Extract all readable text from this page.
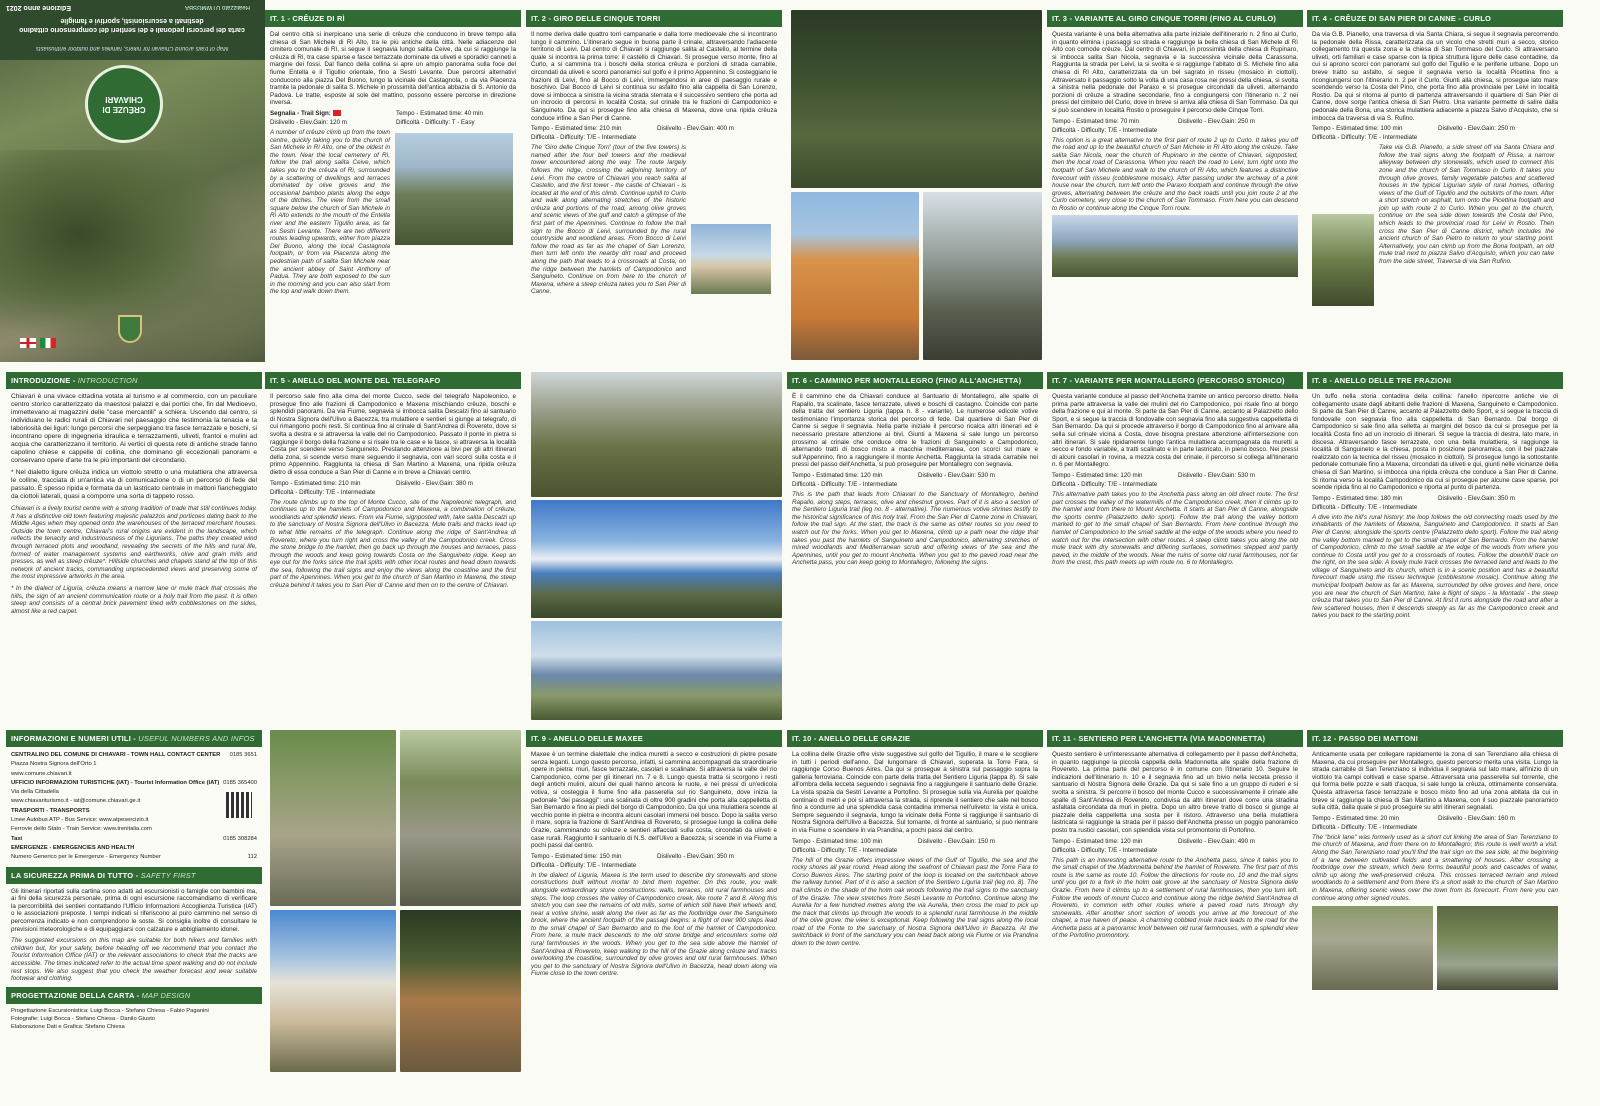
Edizione anno 2021	Realizzato UTWMGSBA
carta dei percorsi pedonali e dei sentieri del comprensorio cittadino destinati a escursionisti, sportivi e famiglie
Map of trails around Chiavari for hikers, families and outdoor enthusiasts
CRÊUZE DI CHIAVARI
IT. 1 - CRÊUZE DI RÌ
Dal centro città si inerpicano una serie di crêuze che conducono in breve tempo alla chiesa di San Michele di Rì Alto, tra le più antiche della città. Nelle adiacenze del cimitero comunale di Rì, si segue il segnavia lungo salita Ceive, da cui si raggiunge la crêuza di Rì, tra case sparse e fasce terrazzate dominate da uliveti e sporadici canneti a margine dei fossi. Dal fianco della collina si apre un ampio panorama sulla foce del fiume Entella e il Tigullio orientale, fino a Sestri Levante. Due percorsi alternativi conducono alla piazza Del Buono, lungo la vicinale dei Castagnola, o da via Piacenza tramite la pedonale di salita S. Michele in prossimità dell'antica abbazia di S. Antonio da Padova. Le tratte, esposte al sole del mattino, possono essere percorse in direzione inversa.
Segnalia - Trail Sign:	Tempo - Estimated time: 40 min
Dislivello - Elev.Gain: 120 m	Difficoltà - Difficulty: T - Easy
A number of crêuze climb up from the town centre, quickly taking you to the church of San Michele in Rì Alto, one of the oldest in the town. Near the local cemetery of Rì, follow the trail along salita Ceive, which takes you to the crêuza of Rì, surrounded by a scattering of dwellings and terraces dominated by olive groves and the occasional bamboo plants along the edge of the ditches. The view from the small square below the church of San Michele in Rì Alto extends to the mouth of the Entella river and the eastern Tigullio area, as far as Sestri Levante. There are two different routes leading upwards, either from piazza Del Buono, along the local Castagnola footpath, or from via Piacenza along the pedestrian path of salita San Michele near the ancient abbey of Saint Anthony of Padua. They are both exposed to the sun in the morning and you can also start from the top and walk down them.
IT. 2 - GIRO DELLE CINQUE TORRI
Il nome deriva dalle quattro torri campanarie e dalla torre medioevale che si incontrano lungo il cammino. L'itinerario segue in buona parte il crinale, attraversando l'adiacente territorio di Leivi. Dal centro di Chiavari si raggiunge salita al Castello, al termine della quale si incontra la prima torre: il castello di Chiavari. Si prosegue verso monte, fino al Curlo, a si cammina tra i boschi della storica crêuza e porzioni di strada carrabile, circondati da uliveti e scorci panoramici sul golfo e il primo Appennino. Si costeggiano le frazioni di Leivi, fino al Bocco di Leivi, immergendosi in aree di paesaggio rurale e boschivo. Dal Bocco di Leivi si continua su asfalto fino alla cappella di San Lorenzo, dove si imbocca a sinistra la vicina strada sterrata e il successivo sentiero che porta ad un incrocio di percorsi in località Costa, sul crinale tra le frazioni di Campodonico e Sanguineto. Da qui si prosegue fino alla chiesa di Maxena, dove una ripida crêuza conduce infine a San Pier di Canne.
Tempo - Estimated time: 210 min	Dislivello - Elev.Gain: 400 m
Difficoltà - Difficulty: T/E - Intermediate
The 'Giro delle Cinque Torri' (tour of the five towers) is named after the four bell towers and the medieval tower encountered along the way. The route largely follows the ridge, crossing the adjoining territory of Leivi. From the centre of Chiavari you reach salita al Castello, and the first tower - the castle of Chiavari - is located at the end of this climb. Continue uphill to Curlo and walk along alternating stretches of the historic crêuza and portions of the road, among olive groves and scenic views of the gulf and catch a glimpse of the first part of the Apennines. Continue to follow the trail sign to the Bocco di Leivi, surrounded by the rural countryside and woodland areas. From Bocco di Leivi follow the road as far as the chapel of San Lorenzo, then turn left onto the nearby dirt road and proceed along the path that leads to a crossroads at Costa, on the ridge between the hamlets of Campodonico and Sanguineto. Continue on from here to the church of Maxena, where a steep crêuza takes you to San Pier di Canne.
IT. 3 - VARIANTE AL GIRO CINQUE TORRI (FINO AL CURLO)
Questa variante è una bella alternativa alla parte iniziale dell'itinerario n. 2 fino al Curlo, in quanto elimina i passaggi su strada e raggiunge la bella chiesa di San Michele di Rì Alto con comode crêuze. Dal centro di Chiavari, in prossimità della chiesa di Rupinaro, si imbocca salita San Nicola, segnavia e la successiva vicinale della Carassona. Raggiunta la strada per Leivi, la si svolta e si raggiunge l'abitato di S. Michele fino alla chiesa di Rì Alto, caratterizzata da un bel sagrato in risseu (mosaico in ciottoli). Attraversato il passaggio sotto la volta di una casa rosa nei pressi della chiesa, si svolta a sinistra nella pedonale del Paraxo e si prosegue circondati da uliveti, alternando porzioni di crêuze a stradine secondarie, fino a congiungersi con l'itinerario n. 2 nei pressi del cimitero del Curlo, dove in breve si arriva alla chiesa di San Tommaso. Da qui si può scendere in località Rostio o proseguire il percorso delle Cinque Torri.
Tempo - Estimated time: 70 min	Dislivello - Elev.Gain: 250 m
Difficoltà - Difficulty: T/E - Intermediate
This option is a great alternative to the first part of route 2 up to Curlo. It takes you off the road and up to the beautiful church of San Michele in Rì Alto along the crêuze. Take salita San Nicola, near the church of Rupinaro in the centre of Chiavari, signposted, then the local road of Carassona. When you reach the road to Leivi, turn right onto the footpath of San Michele and walk to the church of Rì Alto, which features a distinctive forecourt with risseu (cobblestone mosaic). After passing under the archway of a pink house near the church, turn left onto the Paraxo footpath and continue through the olive groves, alternating between the crêuze and the back roads until you join route 2 at the Curlo cemetery, very close to the church of San Tommaso. From here you can descend to Rostio or continue along the Cinque Torri route.
IT. 4 - CRÊUZE DI SAN PIER DI CANNE - CURLO
Da via G.B. Pianello, una traversa di via Santa Chiara, si segue il segnavia percorrendo la pedonale della Rissa, caratterizzata da un vicolo che stretti muri a secco, storico collegamento tra questa zona e la chiesa di San Tommaso del Curlo. Si attraversano uliveti, orti familiari e case sparse con la tipica struttura ligure delle case contadine, da cui si aprono scorci con panorami sul golfo del Tigullio e le periferie urbane. Dopo un breve tratto su asfalto, si segue il segnavia verso la località Picettina fino a ricongiungersi con l'itinerario n. 2 per il Curlo. Giunti alla chiesa, si prosegue lato mare scendendo verso la Costa del Pino, che porta fino alla provinciale per Leivi in località Rostio. Da qui si ritorna al punto di partenza attraversando il quartiere di San Pier di Canne, dove sorge l'antica chiesa di San Pietro. Una variante permette di salire dalla pedonale della Bona, una storica mulattiera adiacente a piazza Salvo d'Acquisto, che si imbocca da traversa di via S. Rufino.
Tempo - Estimated time: 100 min	Dislivello - Elev.Gain: 250 m
Difficoltà - Difficulty: T/E - Intermediate
Take via G.B. Pianello, a side street off via Santa Chiara and follow the trail signs along the footpath of Rissa, a narrow alleyway between dry stonewalls, which used to connect this zone and the church of San Tommaso in Curlo. It takes you through olive groves, family vegetable patches and scattered houses in the typical Ligurian style of rural homes, offering views of the Gulf of Tigullio and the outskirts of the town. After a short stretch on asphalt, turn onto the Picettina footpath and join up with route 2 to Curlo. When you get to the church, continue on the sea side down towards the Costa del Pino, which leads to the provincial road for Leivi in Rostio. Then cross the San Pier di Canne district, which includes the ancient church of San Pietro to return to your starting point. Alternatively, you can climb up from the Bona footpath, an old mule trail next to piazza Salvo d'Acquisto, which you can take from the side street, Traversa di via San Rufino.
INTRODUZIONE - INTRODUCTION
Chiavari è una vivace cittadina votata al turismo e al commercio, con un peculiare centro storico caratterizzato da maestosi palazzi e dai portici che, fin dal Medioevo, immettevano ai magazzini delle "case mercantili" a schiera. Uscendo dal centro, si individuano le radici rurali di Chiavari nel paesaggio che testimonia la tenacia e la laboriosità dei liguri: lungo percorsi che serpeggiano tra fasce terrazzate e boschi, si incontrano opere di ingegneria idraulica e terrazzamenti, uliveti, frantoi e mulini ad acqua che caratterizzano il territorio. Ai vertici di questa rete di antiche strade fanno capolino chiese e cappelle di collina, che dominano gli eccezionali panorami e conservano opere d'arte tra le più importanti del circondario.
* Nel dialetto ligure crêuza indica un viottolo stretto o una mulattiera che attraversa le colline, tracciata di un'antica via di comunicazione o di un percorso di fede del passato. È spesso ripida e formata da un lastricato centrale in mattoni fiancheggiato da ciottoli laterali, quasi a comporre una sorta di tappeto rosso.
Chiavari is a lively tourist centre with a strong tradition of trade that still continues today. It has a distinctive old town featuring majestic palazzos and porticoes dating back to the Middle Ages when they opened onto the warehouses of the terraced merchant houses. Outside the town centre, Chiavari's rural origins are evident in the landscape, which reflects the tenacity and industriousness of the Ligurians. The paths they created wind through terraced plots and woodland, revealing the secrets of the hills and rural life, formed of water management systems and earthworks, olive and grain mills and presses, as well as steep crêuze*. Hillside churches and chapels stand at the top of this network of ancient tracks, commanding unprecedented views and preserving some of the most impressive artworks in the area.
* In the dialect of Liguria, crêuza means a narrow lane or mule track that crosses the hills, the sign of an ancient communication route or a holy trail from the past. It is often steep and consists of a central brick pavement lined with cobblestones on the sides, almost like a red carpet.
IT. 5 - ANELLO DEL MONTE DEL TELEGRAFO
Il percorso sale fino alla cima del monte Cucco, sede del telegrafo Napoleonico, e prosegue fino alle frazioni di Campodonico e Maxena mischiando crêuze, boschi e splendidi panorami. Da via Fiume, segnavia si imbocca salita Descalzi fino al santuario di Nostra Signora dell'Ulivo a Bacezza, tra mulattiere e sentieri si giunge al telegrafo, di cui rimangono pochi resti. Si continua fino al crinale di Sant'Andrea di Rovereto, dove si svolta a destra e si attraversa la valle del rio Campodonico. Passato il ponte in pietra si raggiunge il borgo della frazione e si risale tra le case e le fasce, si attraversa la località Costa per scendere verso Sanguineto. Prestando attenzione ai bivi per gli altri itinerari della zona, si scende verso mare seguendo il segnavia, con vari scorci sulla costa e il primo Appennino. Raggiunta la chiesa di San Martino a Maxena, una ripida crêuza dietro di essa conduce a San Pier di Canne e in breve a Chiavari centro.
Tempo - Estimated time: 210 min	Dislivello - Elev.Gain: 380 m
Difficoltà - Difficulty: T/E - Intermediate
The route climbs up to the top of Monte Cucco, site of the Napoleonic telegraph, and continues up to the hamlets of Campodonico and Maxena, a combination of crêuze, woodlands and splendid views. From via Fiume, signposted with, take salita Descalzi up to the sanctuary of Nostra Signora dell'Ulivo in Bacezza. Mule trails and tracks lead up to what little remains of the telegraph. Continue along the ridge of Sant'Andrea di Rovereto, where you turn right and cross the valley of the Campodonico creek. Cross the stone bridge to the hamlet, then go back up through the houses and terraces, pass through the woods and keep going towards Costa on the Sanguineto ridge. Keep an eye out for the forks since the trail splits with other local routes and head down towards the sea, following the trail signs and enjoy the views along the coastline and the first part of the Apennines. When you get to the church of San Martino in Maxena, the steep crêuza behind it takes you to San Pier di Canne and then on to the centre of Chiavari.
IT. 6 - CAMMINO PER MONTALLEGRO (FINO ALL'ANCHETTA)
È il cammino che da Chiavari conduce al Santuario di Montallegro, alle spalle di Rapallo, tra scalinate, fasce terrazzate, uliveti e boschi di castagno. Coincide con parte della tratta del sentiero Liguria (tappa n. 8 - variante). Le numerose edicole votive testimoniano l'importanza storica del percorso di fede. Dal quartiere di San Pier di Canne si segue il segnavia. Nella parte iniziale il percorso ricalca altri itinerari ed è necessario prestare attenzione ai bivi. Giunti a Maxena si sale lungo un percorso prossimo al crinale che conduce oltre le frazioni di Sanguineto e Campodonico, alternando tratti di bosco misto a macchia mediterranea, con scorci sul mare e sull'Appennino, fino a raggiungere il monte Anchetta. Raggiunta la strada carrabile nei pressi del passo dell'Anchetta, si può proseguire per Montallegro con segnavia.
Tempo - Estimated time: 120 min	Dislivello - Elev.Gain: 530 m
Difficoltà - Difficulty: T/E - Intermediate
This is the path that leads from Chiavari to the Sanctuary of Montallegro, behind Rapallo, along steps, terraces, olive and chestnut groves. Part of it is also a section of the Sentiero Liguria trail (leg no. 8 - alternative). The numerous votive shrines testify to the historical significance of this holy trail. From the San Pier di Canne zone in Chiavari, follow the trail sign. At the start, the track is the same as other routes so you need to watch out for the forks. When you get to Maxena, climb up a path near the ridge that takes you past the hamlets of Sanguineto and Campodonico, alternating stretches of mixed woodlands and Mediterranean scrub and offering views of the sea and the Apennines, until you get to mount Anchetta. When you get to the paved road near the Anchetta pass, you can keep going to Montallegro, following the signs.
IT. 7 - VARIANTE PER MONTALLEGRO (PERCORSO STORICO)
Questa variante conduce al passo dell'Anchetta tramite un antico percorso diretto. Nella prima parte attraversa la valle dei mulini del rio Campodonico, poi risale fino al borgo della frazione e qui al monte. Si parte da San Pier di Canne, accanto al Palazzetto dello Sport, e si segue la traccia di fondovalle con segnavia fino alla suggestiva cappelletta di San Bernardo. Da qui si procede attraverso il borgo di Campodonico fino al arrivare alla sella sul crinale vicina a Costa, dove bisogna prestare attenzione all'intersezione con altri itinerari. Si sale ripidamente lungo l'antica mulattiera accompagnata da muretti a secco e fondo variabile, a tratti scalinato e in parte lastricato, in pieno bosco. Nei pressi di alcuni casolari in rovina, a mezza costa del crinale, il percorso si collega all'itinerario n. 6 per Montallegro.
Tempo - Estimated time: 120 min	Dislivello - Elev.Gain: 530 m
Difficoltà - Difficulty: T/E - Intermediate
This alternative path takes you to the Anchetta pass along an old direct route. The first part crosses the valley of the watermills of the Campodonico creek, then it climbs up to the hamlet and from there to Mount Anchetta. It starts at San Pier di Canne, alongside the sports centre (Palazzetto dello sport). Follow the trail along the valley bottom marked to get to the small chapel of San Bernardo. From here continue through the hamlet of Campodonico to the small saddle at the edge of the woods where you need to watch out for the intersection with other routes. A steep climb takes you along the old mule track with dry stonewalls and differing surfaces, sometimes stepped and partly paved, in the middle of the woods. Near the ruins of some old rural farmhouses, not far from the crest, this path meets up with route no. 6 to Montallegro.
IT. 8 - ANELLO DELLE TRE FRAZIONI
Un tuffo nella storia contadina della collina: l'anello ripercorre antiche vie di collegamento usate dagli abitanti delle frazioni di Maxena, Sanguineto e Campodonico. Si parte da San Pier di Canne, accanto al Palazzetto dello Sport, e si segue la traccia di fondovalle con segnavia fino alla cappelletta di San Bernardo. Dal borgo di Campodonico si sale fino alla selletta ai margini del bosco da cui si prosegue per la località Costa fino ad un incrocio di itinerari. Si segue la traccia di destra, lato mare, in discesa. Attraversando fasce terrazzate, con una bella mulattiera, si raggiunge la località di Sanguineto e la chiesa, posta in posizione panoramica, con il bel piazzale realizzato con la tecnica del risseu (mosaico in ciottoli). Si prosegue lungo la sottostante pedonale comunale fino a Maxena, circondati da uliveti e qui, giunti nelle vicinanze della chiesa di San Martino, si imbocca una ripida crêuza che conduce a San Pier di Canne. Si ritorna verso la località Campodonico da cui si prosegue per alcune case sparse, poi scende ripida fino al rio Campodonico e riporta al punto di partenza.
Tempo - Estimated time: 180 min	Dislivello - Elev.Gain: 350 m
Difficoltà - Difficulty: T/E - Intermediate
A dive into the hill's rural history: the loop follows the old connecting roads used by the inhabitants of the hamlets of Maxena, Sanguineto and Campodonico. It starts at San Pier di Canne, alongside the sports centre (Palazzetto dello sport). Follow the trail along the valley bottom marked to get to the small chapel of San Bernardo. From the hamlet of Campodonico, climb to the small saddle at the edge of the woods from where you continue to Costa until you get to a crossroads of routes. Follow the downhill track on the right, on the sea side. A lovely mule track crosses the terraced land and leads to the village of Sanguineto and its church, which is in a scenic position and has a beautiful forecourt made using the risseu technique (cobblestone mosaic). Continue along the municipal footpath below as far as Maxena, surrounded by olive groves and here, once you are near the church of San Martino, take a flight of steps - la Montada' - the steep crêuza that takes you to San Pier di Canne. At first it runs alongside the road and after a few scattered houses, then it descends steeply as far as the Campodonico creek and takes you back to the starting point.
INFORMAZIONI E NUMERI UTILI - USEFUL NUMBERS AND INFOS
CENTRALINO DEL COMUNE DI CHIAVARI - TOWN HALL CONTACT CENTER 0185 3651
Piazza Nostra Signora dell'Orto 1
www.comune.chiavari.it
UFFICIO INFORMAZIONI TURISTICHE (IAT) - Tourist Information Office (IAT) 0185 365400
Via della Cittadella
www.chiavariturismo.it - iat@comune.chiavari.ge.it
TRASPORTI - TRANSPORTS
Linee Autobus ATP - Bus Service: www.atpesercizio.it
Ferrovie dello Stato - Train Service: www.trenitalia.com
Taxi	0185 308284
EMERGENZE - EMERGENCIES AND HEALTH
Numero Generico per le Emergenze - Emergency Number	112
LA SICUREZZA PRIMA DI TUTTO - SAFETY FIRST
Gli itinerari riportati sulla cartina sono adatti ad escursionisti o famiglie con bambini ma, ai fini della sicurezza personale, prima di ogni escursione raccomandiamo di verificare la percorribilità dei sentieri contattando l'Ufficio Informazioni Accoglienza Turistica (IAT) o le associazioni preposte. I tempi indicati si riferiscono al puro cammino nel senso di percorrenza indicato e non comprendono le soste. Si consiglia inoltre di consultare le previsioni meteorologiche e di equipaggiarsi con calzature e abbigliamento idonei.
The suggested excursions on this map are suitable for both hikers and families with children but, for your safety, before heading off we recommend that you contact the Tourist Information Office (IAT) or the relevant associations to check that the tracks are accessible. The times indicated refer to the actual time spent walking and do not include rest stops. We also suggest that you check the weather forecast and wear suitable footwear and clothing.
PROGETTAZIONE DELLA CARTA - MAP DESIGN
Progettazione Escursionistica: Luigi Bocca - Stefano Chiesa - Fabio Paganini
Fotografie: Luigi Bocca - Stefano Chiesa - Danilo Giusto
Elaborazione Dati e Grafica: Stefano Chiesa
IT. 9 - ANELLO DELLE MAXEE
Maxee è un termine dialettale che indica muretti a secco e costruzioni di pietre posate senza leganti. Lungo questo percorso, infatti, si cammina accompagnati da straordinarie opere in pietra: muri, fasce terrazzate, casolari e scalinate. Si attraversa la valle del rio Campodonico, come per gli itinerari nn. 7 e 8. Lungo questa tratta si scorgono i resti degli antichi mulini, alcuni dei quali hanno ancora le ruote, e nei pressi di un'edicola votiva, si costeggia il fiume fino alla passerella sul rio Sanguineto, dove inizia la pedonale "dei passaggi": una scalinata di oltre 900 gradini che porta alla cappelletta di San Bernardo e fino ai piedi del borgo di Campodonico. Da qui una mulattiera scende al vecchio ponte in pietra e incontra alcuni casolari immersi nel bosco. Dopo la salita verso il mare, sopra la frazione di Sant'Andrea di Rovereto, si prosegue lungo la collina delle Grazie, camminando su crêuze e sentieri affacciati sulla costa, circondati da uliveti e case rurali. Raggiunto il santuario di N.S. dell'Ulivo a Bacezza, si scende in via Fiume a pochi passi dal centro.
Tempo - Estimated time: 150 min	Dislivello - Elev.Gain: 350 m
Difficoltà - Difficulty: T/E - Intermediate
In the dialect of Liguria, Maxea is the term used to describe dry stonewalls and stone constructions built without mortar to bind them together. On this route, you walk alongside extraordinary stone constructions: walls, terraces, old rural farmhouses and steps. The loop crosses the valley of Campodonico creek, like route 7 and 8. Along this stretch you can see the remains of old mills, some of which still have their wheels and, near a votive shrine, walk along the river as far as the footbridge over the Sanguineto brook, where the ancient footpath of the passagi begins: a flight of over 900 steps lead to the small chapel of San Bernardo and to the foot of the hamlet of Campodonico. From here, a mule track descends to the old stone bridge and encounters some old rural farmhouses in the woods. When you get to the sea side above the hamlet of Sant'Andrea di Rovereto, keep walking to the hill of the Grazie along crêuze and tracks overlooking the coastline, surrounded by olive groves and old rural farmhouses. When you get to the sanctuary of Nostra Signora dell'Ulivo in Bacezza, head down along via Fiume close to the town centre.
IT. 10 - ANELLO DELLE GRAZIE
La collina delle Grazie offre viste suggestive sul golfo del Tigullio, il mare e le scogliere in tutti i periodi dell'anno. Dal lungomare di Chiavari, superata la Torre Fara, si raggiunge Corso Buenos Aires. Da qui si prosegue a sinistra sul passaggio sopra la galleria ferroviaria. Coincide con parte della tratta del Sentiero Liguria (tappa 8). Si sale all'ombra della lecceta seguendo i segnavia fino a raggiungere il santuario delle Grazie. La vista spazia da Sestri Levante a Portofino. Si prosegue sulla via Aurelia per qualche centinaio di metri e poi si attraversa la strada, si riprende il sentiero che sale nel bosco fino a condurre ad una splendida casa contadina immersa nell'uliveto: la vista è unica. Sempre seguendo il segnavia, lungo la vicinale della Fonte si raggiunge il santuario di Nostra Signora dell'Ulivo a Bacezza. Sul tornante, di fronte al santuario, si può rientrare in via Fiume o scendere in via Prandina, a pochi passi dal centro.
Tempo - Estimated time: 100 min	Dislivello - Elev.Gain: 150 m
Difficoltà - Difficulty: T/E - Intermediate
The hill of the Grazie offers impressive views of the Gulf of Tigullio, the sea and the rocky shores all year round. Head along the seafront of Chiavari past the Torre Fara to Corso Buenos Aires. The starting point of the loop is located on the switchback above the railway tunnel. Part of it is also a section of the Sentiero Liguria trail (leg no. 8). The trail climbs in the shade of the holm oak woods following the trail signs to the sanctuary of the Grazie. The view stretches from Sestri Levante to Portofino. Continue along the Aurelia for a few hundred metres along the via Aurelia, then cross the road to pick up the track that climbs up through the woods to a splendid rural farmhouse in the middle of the olive grove: the view is exceptional. Keep following the trail signs along the local road of the Fonte to the sanctuary of Nostra Signora dell'Ulivo in Bacezza. At the switchback in front of the sanctuary you can head back along via Fiume or via Prandina down to the town centre.
IT. 11 - SENTIERO PER L'ANCHETTA (VIA MADONNETTA)
Questo sentiero è un'interessante alternativa di collegamento per il passo dell'Anchetta, in quanto raggiunge la piccola cappella della Madonnetta alle spalle della frazione di Rovereto. La prima parte del percorso è in comune con l'itinerario 10. Seguire le indicazioni dell'itinerario n. 10 e il segnavia fino ad un bivio nella lecceta presso il santuario di Nostra Signora delle Grazie. Da qui si sale fino a un gruppo di ruderi e si svolta a sinistra. Si percorre il bosco del monte Cucco e successivamente il crinale alle spalle di Sant'Andrea di Rovereto, condivisa da altri itinerari dove corre una stradina asfaltata circondata da muri in pietra. Dopo un altro breve tratto di bosco si giunge al piazzale della cappelletta una sosta per il ristoro. Attraverso una bella mulattiera lastricata si raggiunge la strada per il passo dell'Anchetta presso un poggio panoramico posto tra rustici casolari, con splendida vista sul promontorio di Portofino.
Tempo - Estimated time: 120 min	Dislivello - Elev.Gain: 490 m
Difficoltà - Difficulty: T/E - Intermediate
This path is an interesting alternative route to the Anchetta pass, since it takes you to the small chapel of the Madonnetta behind the hamlet of Rovereto. The first part of this route is the same as route 10. Follow the directions for route no. 10 and the trail signs until you get to a fork in the holm oak grove at the sanctuary of Nostra Signora delle Grazie. From here it climbs up to a settlement of rural farmhouses, then you turn left. Follow the woods of mount Cucco and continue along the ridge behind Sant'Andrea di Rovereto, in common with other routes where a paved road runs through dry stonewalls. After another short section of woods you arrive at the forecourt of the chapel, a true haven of peace. A charming cobbled mule track leads to the road for the Anchetta pass at a panoramic knoll between old rural farmhouses, with a splendid view of the Portofino promontory.
IT. 12 - PASSO DEI MATTONI
Anticamente usata per collegare rapidamente la zona di san Terenziano alla chiesa di Maxena, da cui proseguire per Montallegro, questo percorso merita una visita. Lungo la strada carrabile di San Terenziano si individua il segnavia sul lato mare, all'inizio di un viottolo tra campi coltivati e case sparse. Attraversata una passerella sul torrente, che qui forma belle pozze e salti d'acqua, si sale lungo la crêuza, ottimamente conservata. Questa attraversa fasce terrazzate e bosco misto fino ad una zona abitata da cui in breve si raggiunge la chiesa di San Martino a Maxena, con il suo piazzale panoramico sulla città, dalla quale si può proseguire su altri itinerari segnalati.
Tempo - Estimated time: 20 min	Dislivello - Elev.Gain: 160 m
Difficoltà - Difficulty: T/E - Intermediate
The "brick lane" was formerly used as a short cut linking the area of San Terenziano to the church of Maxena, and from there on to Montallegro; this route is well worth a visit. Along the San Terenziano road you'll find the trail sign on the sea side, at the beginning of a lane between cultivated fields and a smattering of houses. After crossing a footbridge over the stream, which here forms beautiful pools and cascades of water, climb up along the well-preserved crêuza. This crosses terraced terrain and mixed woodlands to a settlement and from there it's a short walk to the church of San Martino in Maxena, offering scenic views over the town from its forecourt. From here you can continue along other signed routes.
